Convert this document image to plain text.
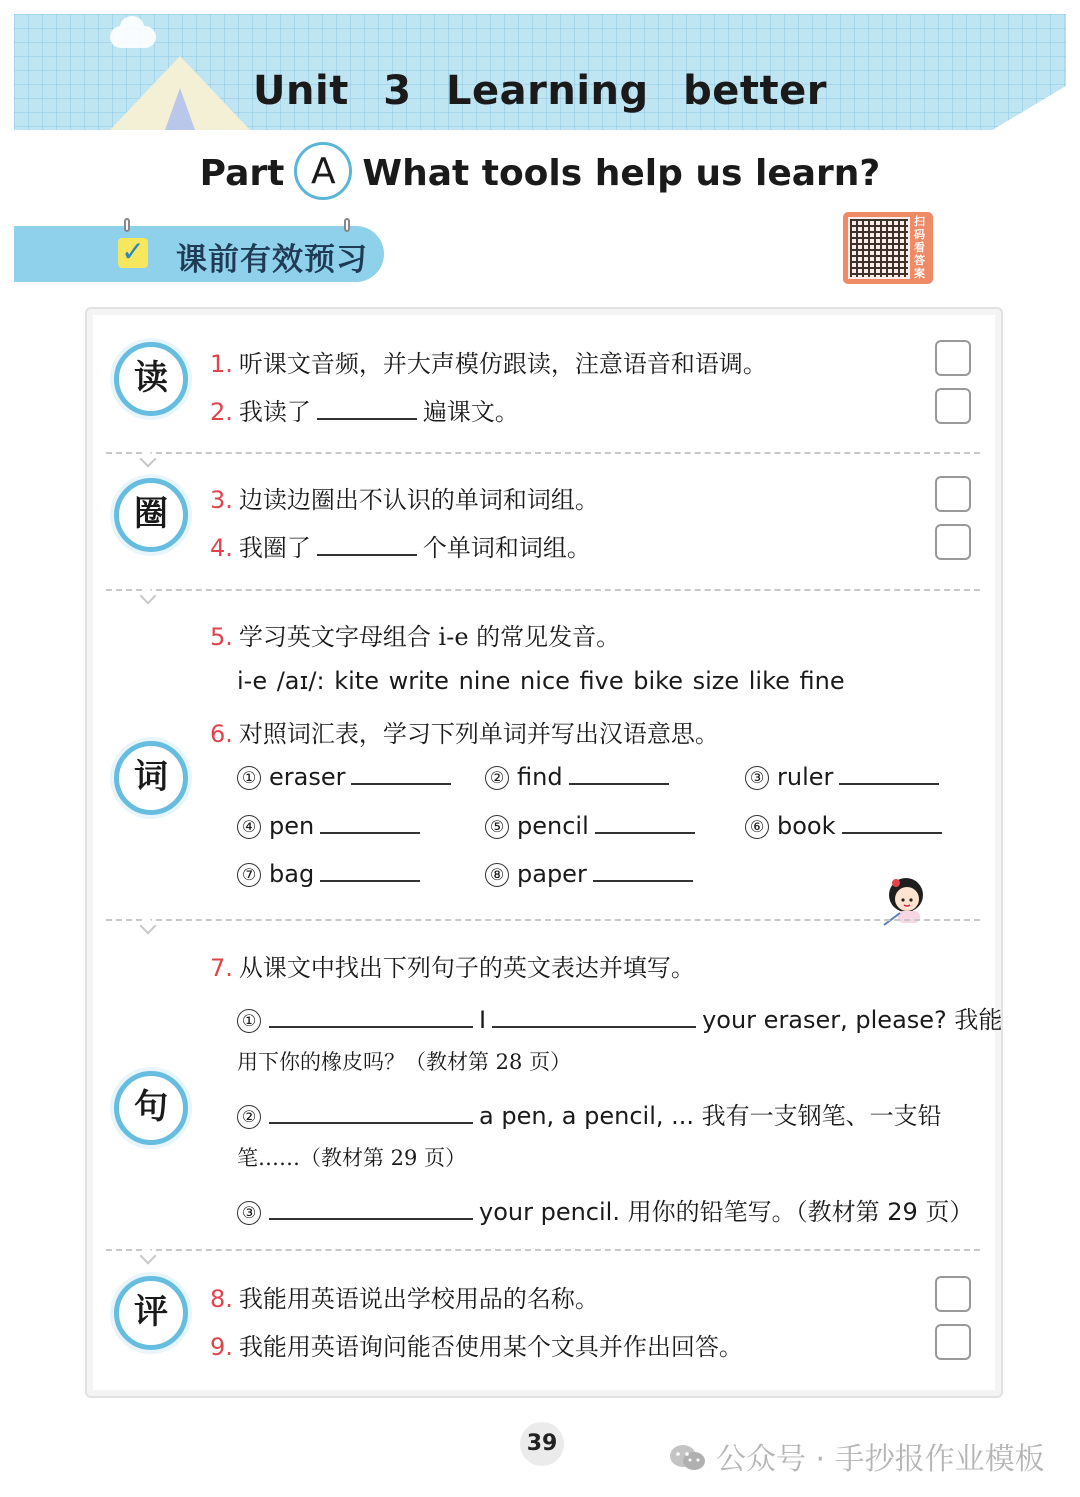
Unit 3 Learning better
Part A What tools help us learn?
✓ 课前有效预习
扫码看答案
读	1. 听课文音频，并大声模仿跟读，注意语音和语调。
2. 我读了	遍课文。
圈	3. 边读边圈出不认识的单词和词组。
4. 我圈了	个单词和词组。
词
5. 学习英文字母组合 i-e 的常见发音。
i-e /aɪ/: kite write nine nice five bike size like fine
6. 对照词汇表，学习下列单词并写出汉语意思。
① eraser	② find	③ ruler
④ pen	⑤ pencil	⑥ book
⑦ bag	⑧ paper
句
7. 从课文中找出下列句子的英文表达并填写。
①	I	your eraser, please? 我能
用下你的橡皮吗？（教材第 28 页）
②	a pen, a pencil, ... 我有一支钢笔、一支铅
笔……（教材第 29 页）
③	your pencil. 用你的铅笔写。（教材第 29 页）
评	8. 我能用英语说出学校用品的名称。
9. 我能用英语询问能否使用某个文具并作出回答。
39	公众号 · 手抄报作业模板
